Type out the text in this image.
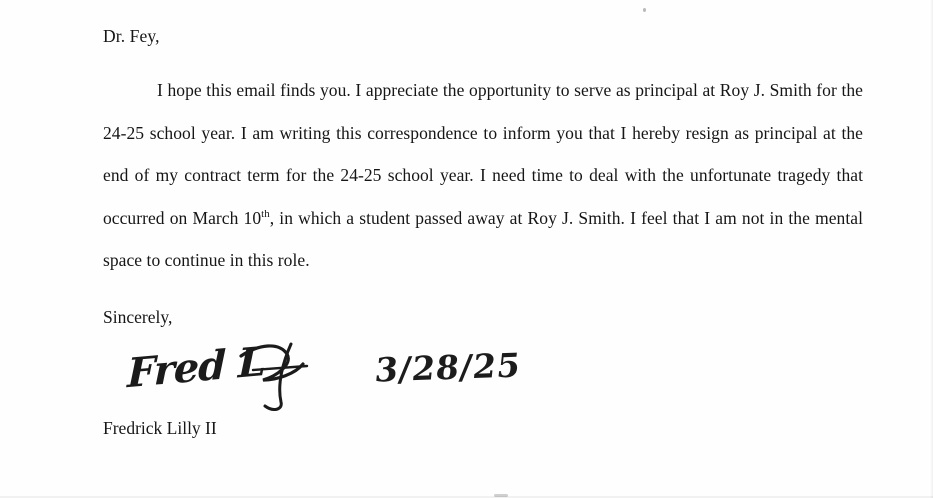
Dr. Fey,
I hope this email finds you. I appreciate the opportunity to serve as principal at Roy J. Smith for the 24-25 school year. I am writing this correspondence to inform you that I hereby resign as principal at the end of my contract term for the 24-25 school year. I need time to deal with the unfortunate tragedy that occurred on March 10th, in which a student passed away at Roy J. Smith. I feel that I am not in the mental space to continue in this role.
Sincerely,
Fred L	3/28/25
Fredrick Lilly II
